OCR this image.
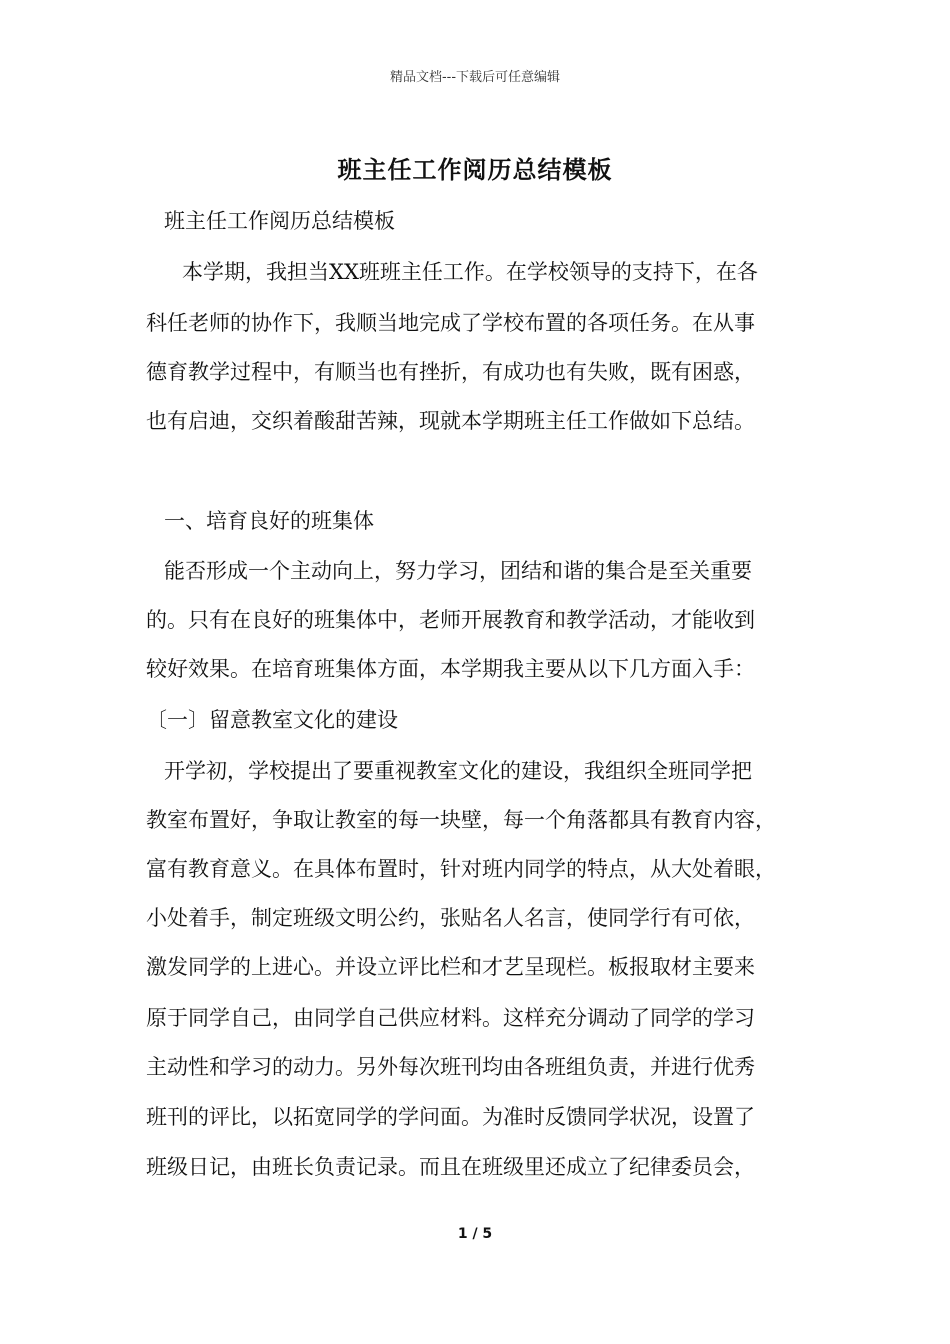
精品文档---下载后可任意编辑
班主任工作阅历总结模板
班主任工作阅历总结模板
本学期，我担当XX班班主任工作。在学校领导的支持下，在各
科任老师的协作下，我顺当地完成了学校布置的各项任务。在从事
德育教学过程中，有顺当也有挫折，有成功也有失败，既有困惑，
也有启迪，交织着酸甜苦辣，现就本学期班主任工作做如下总结。
一、培育良好的班集体
能否形成一个主动向上，努力学习，团结和谐的集合是至关重要
的。只有在良好的班集体中，老师开展教育和教学活动，才能收到
较好效果。在培育班集体方面，本学期我主要从以下几方面入手：
〔一〕留意教室文化的建设
开学初，学校提出了要重视教室文化的建设，我组织全班同学把
教室布置好，争取让教室的每一块壁，每一个角落都具有教育内容，
富有教育意义。在具体布置时，针对班内同学的特点，从大处着眼，
小处着手，制定班级文明公约，张贴名人名言，使同学行有可依，
激发同学的上进心。并设立评比栏和才艺呈现栏。板报取材主要来
原于同学自己，由同学自己供应材料。这样充分调动了同学的学习
主动性和学习的动力。另外每次班刊均由各班组负责，并进行优秀
班刊的评比，以拓宽同学的学问面。为准时反馈同学状况，设置了
班级日记，由班长负责记录。而且在班级里还成立了纪律委员会，
1 / 5
